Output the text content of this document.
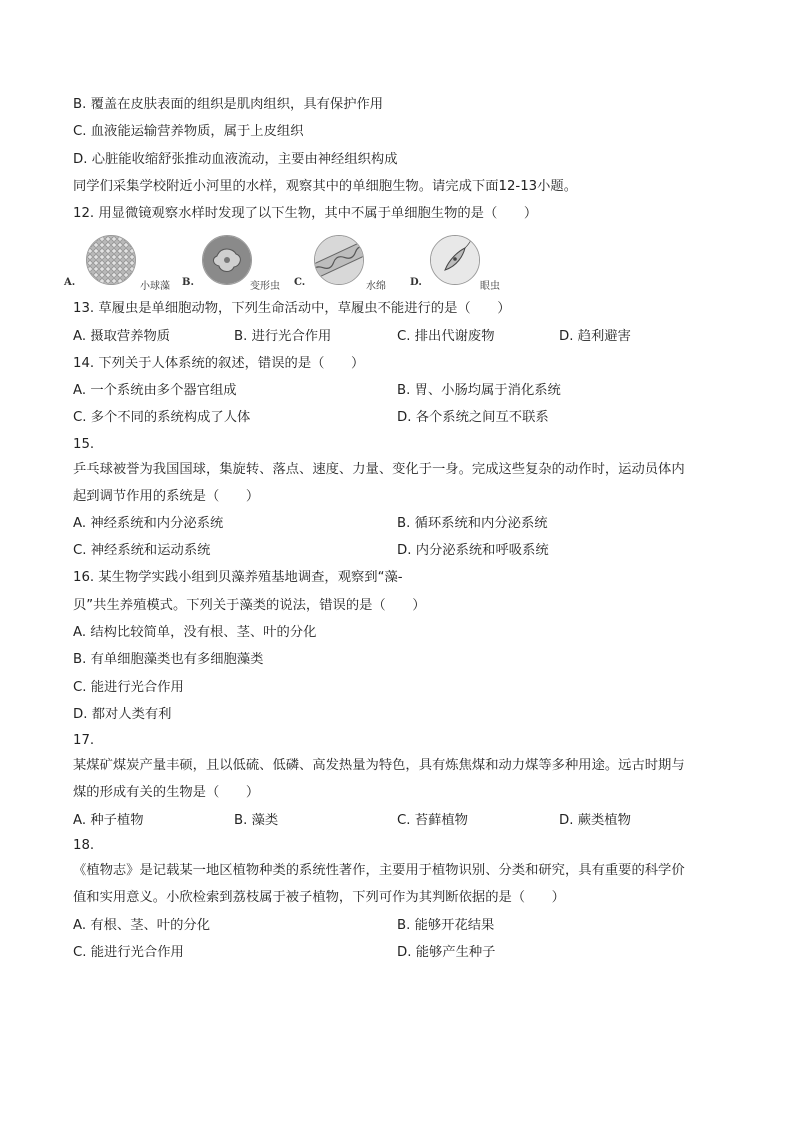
B. 覆盖在皮肤表面的组织是肌肉组织，具有保护作用
C. 血液能运输营养物质，属于上皮组织
D. 心脏能收缩舒张推动血液流动，主要由神经组织构成
同学们采集学校附近小河里的水样，观察其中的单细胞生物。请完成下面12-13小题。
12. 用显微镜观察水样时发现了以下生物，其中不属于单细胞生物的是（　　）
A.	小球藻 B.	变形虫 C.	水绵 D.	眼虫
13. 草履虫是单细胞动物，下列生命活动中，草履虫不能进行的是（　　）
A. 摄取营养物质	B. 进行光合作用	C. 排出代谢废物	D. 趋利避害
14. 下列关于人体系统的叙述，错误的是（　　）
A. 一个系统由多个器官组成	B. 胃、小肠均属于消化系统
C. 多个不同的系统构成了人体	D. 各个系统之间互不联系
15.
乒乓球被誉为我国国球，集旋转、落点、速度、力量、变化于一身。完成这些复杂的动作时，运动员体内
起到调节作用的系统是（　　）
A. 神经系统和内分泌系统	B. 循环系统和内分泌系统
C. 神经系统和运动系统	D. 内分泌系统和呼吸系统
16. 某生物学实践小组到贝藻养殖基地调查，观察到“藻-
贝”共生养殖模式。下列关于藻类的说法，错误的是（　　）
A. 结构比较简单，没有根、茎、叶的分化
B. 有单细胞藻类也有多细胞藻类
C. 能进行光合作用
D. 都对人类有利
17.
某煤矿煤炭产量丰硕，且以低硫、低磷、高发热量为特色，具有炼焦煤和动力煤等多种用途。远古时期与
煤的形成有关的生物是（　　）
A. 种子植物	B. 藻类	C. 苔藓植物	D. 蕨类植物
18.
《植物志》是记载某一地区植物种类的系统性著作，主要用于植物识别、分类和研究，具有重要的科学价
值和实用意义。小欣检索到荔枝属于被子植物，下列可作为其判断依据的是（　　）
A. 有根、茎、叶的分化	B. 能够开花结果
C. 能进行光合作用	D. 能够产生种子
